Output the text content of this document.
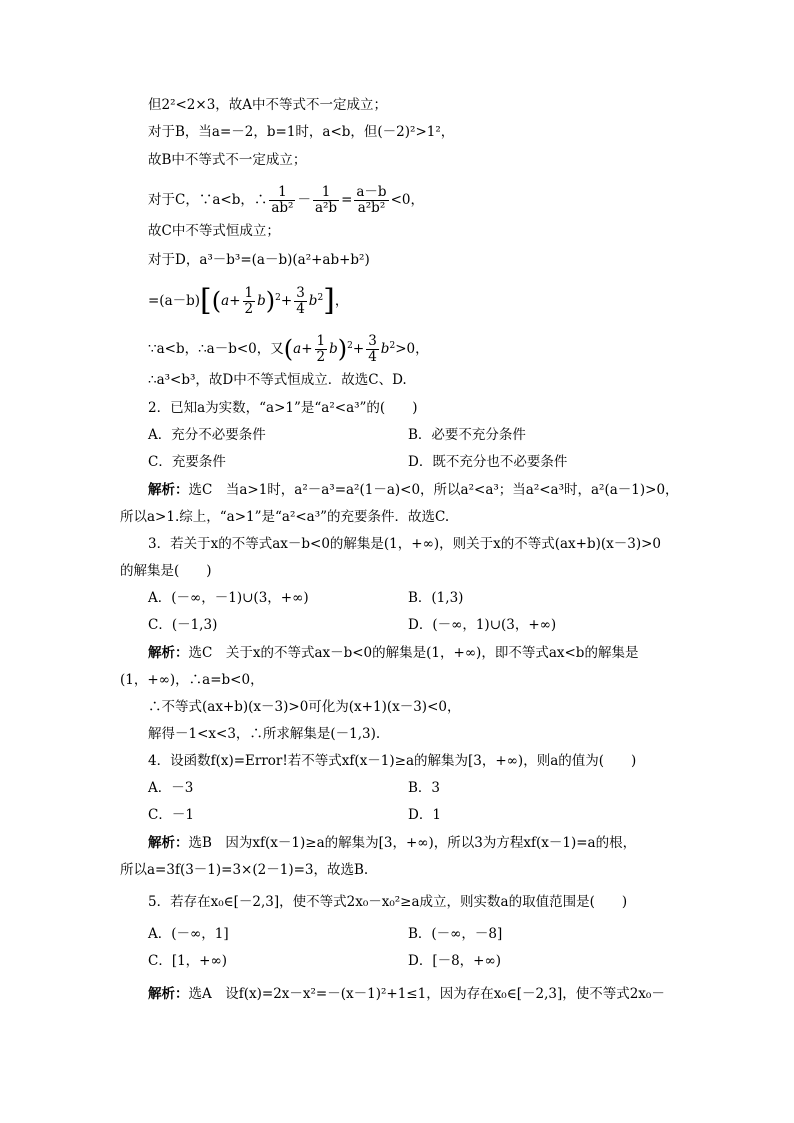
但2²<2×3，故A中不等式不一定成立；
对于B，当a=－2，b=1时，a<b，但(－2)²>1²，
故B中不等式不一定成立；
对于C，∵a<b，∴ $\frac{1}{\text{ab²}} - \frac{1}{\text{a²b}} = \frac{a-b}{\text{a²b²}} <0$，
故C中不等式恒成立；
对于D，a³－b³=(a－b)(a²+ab+b²)
$=(a-b)[(a+ \frac{1}{2} b)^2+ \frac{3}{4} b^2]$，
∵a<b，∴a－b<0，又$(a+ \frac{1}{2} b)^2+ \frac{3}{4} b^2>0$，
∴a³<b³，故D中不等式恒成立．故选C、D.
2．已知a为实数，“a>1”是“a²<a³”的(　　)
A．充分不必要条件	B．必要不充分条件
C．充要条件	D．既不充分也不必要条件
解析：选C　当a>1时，a²－a³=a²(1－a)<0，所以a²<a³；当a²<a³时，a²(a－1)>0，
所以a>1.综上，“a>1”是“a²<a³”的充要条件．故选C.
3．若关于x的不等式ax－b<0的解集是(1，+∞)，则关于x的不等式(ax+b)(x－3)>0
的解集是(　　)
A．(－∞，－1)∪(3，+∞)	B．(1,3)
C．(－1,3)	D．(－∞，1)∪(3，+∞)
解析：选C　关于x的不等式ax－b<0的解集是(1，+∞)，即不等式ax<b的解集是
(1，+∞)，∴a=b<0，
∴不等式(ax+b)(x－3)>0可化为(x+1)(x－3)<0，
解得－1<x<3，∴所求解集是(－1,3).
4．设函数f(x)=Error!若不等式xf(x－1)≥a的解集为[3，+∞)，则a的值为(　　)
A．－3	B．3
C．－1	D．1
解析：选B　因为xf(x－1)≥a的解集为[3，+∞)，所以3为方程xf(x－1)=a的根，
所以a=3f(3－1)=3×(2－1)=3，故选B.
5．若存在x₀∈[－2,3]，使不等式2x₀－x₀²≥a成立，则实数a的取值范围是(　　)
A．(－∞，1]	B．(－∞，－8]
C．[1，+∞)	D．[－8，+∞)
解析：选A　设f(x)=2x－x²=－(x－1)²+1≤1，因为存在x₀∈[－2,3]，使不等式2x₀－
